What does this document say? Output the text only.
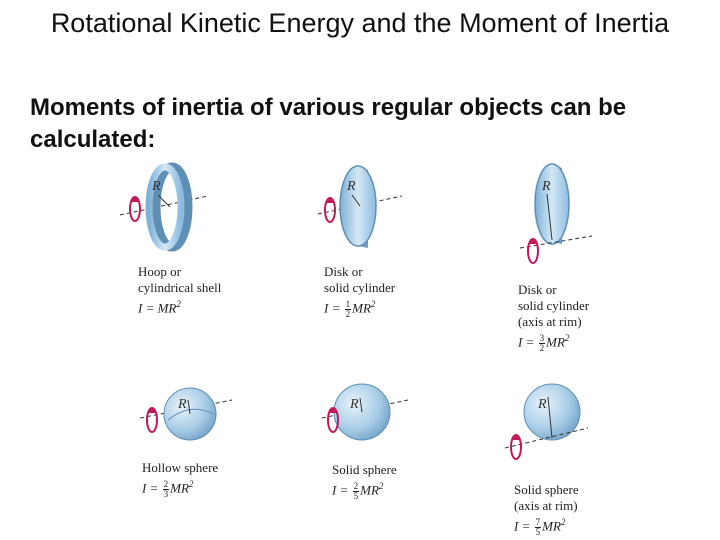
Rotational Kinetic Energy and the Moment of Inertia
Moments of inertia of various regular objects can be calculated:
R
Hoop or
cylindrical shell
$I = MR^2$
R
Disk or
solid cylinder
$I = \frac{1}{2} MR^2$
R
Disk or
solid cylinder
(axis at rim)
$I = \frac{3}{2} MR^2$
R
Hollow sphere
$I = \frac{2}{3} MR^2$
R
Solid sphere
$I = \frac{2}{5} MR^2$
R
Solid sphere
(axis at rim)
$I = \frac{7}{5} MR^2$
